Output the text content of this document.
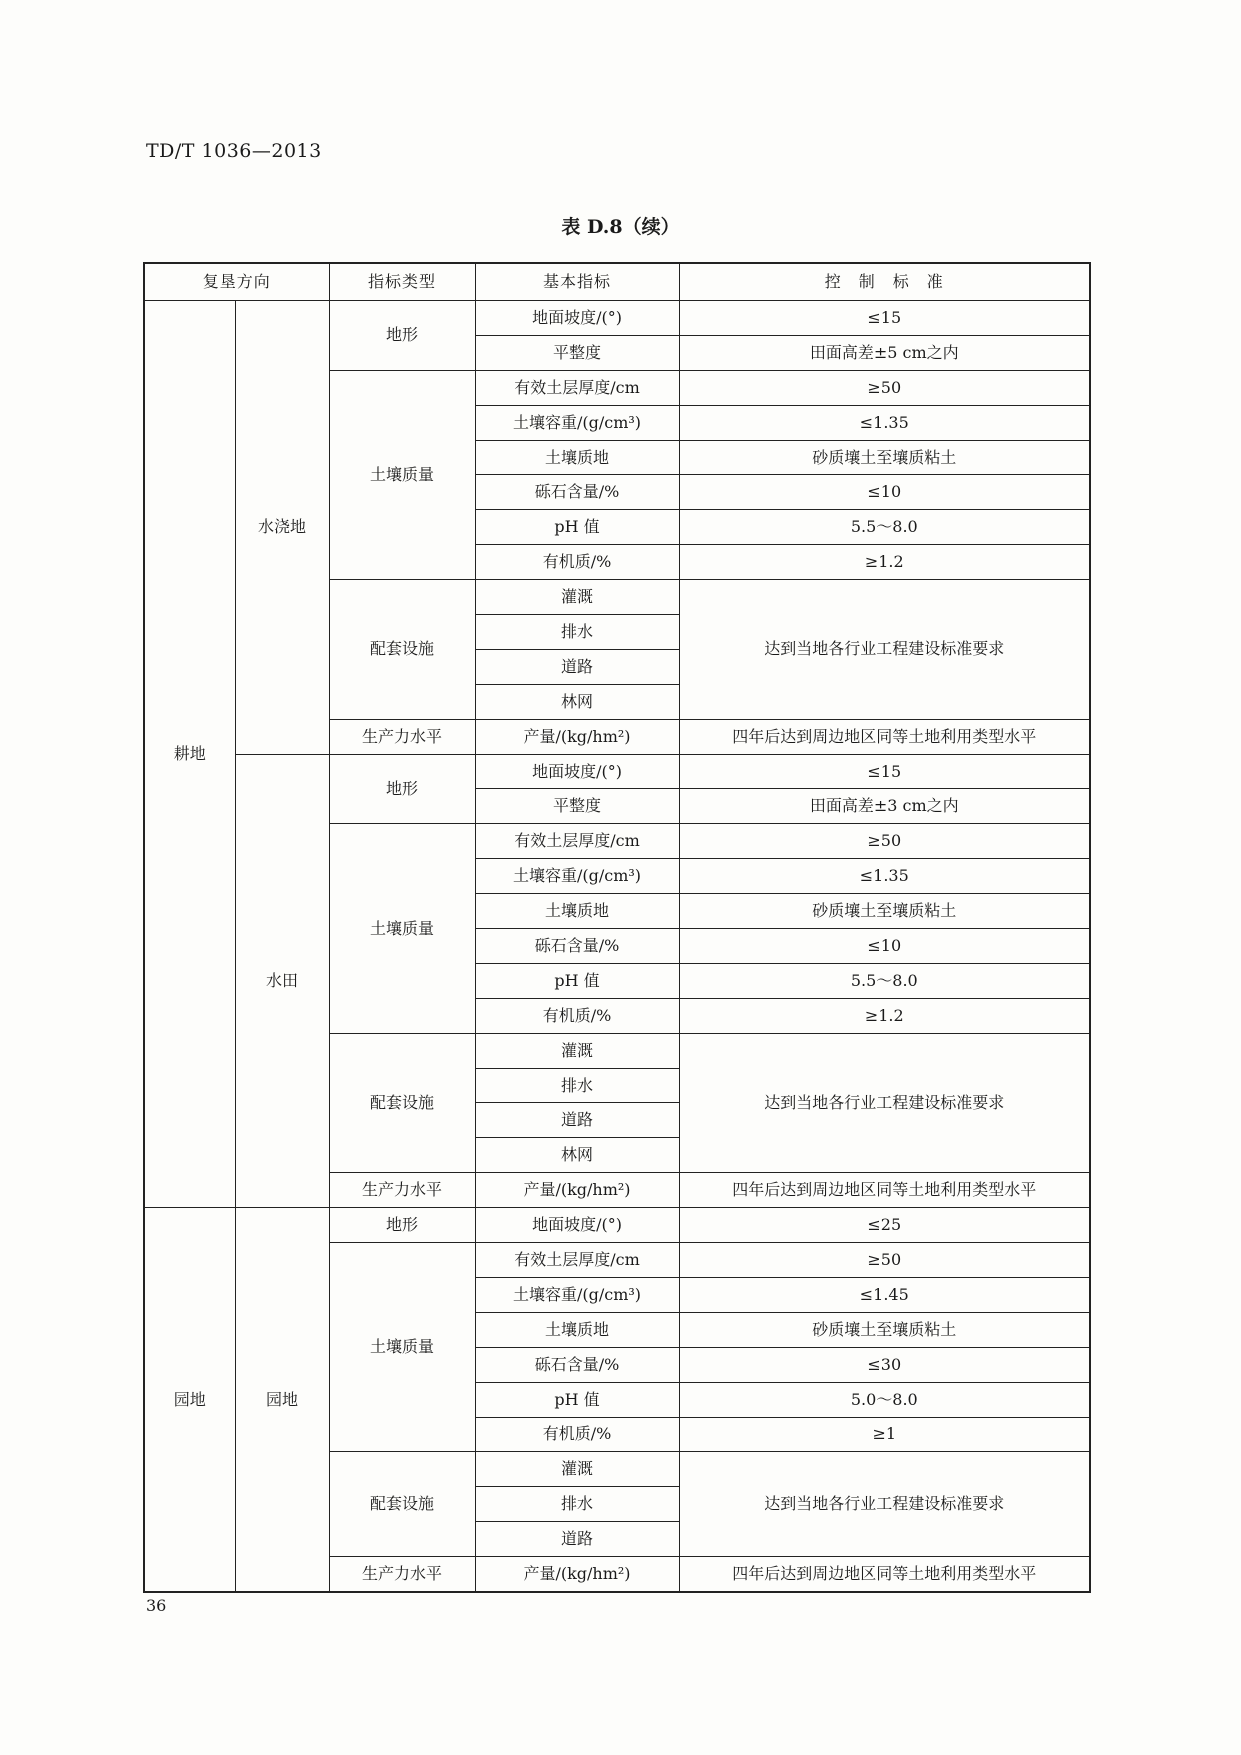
TD/T 1036—2013
表 D.8（续）
复垦方向		指标类型	基本指标	控　制　标　准
耕地	水浇地	地形	地面坡度/(°)	≤15
			平整度	田面高差±5 cm之内
		土壤质量	有效土层厚度/cm	≥50
			土壤容重/(g/cm³)	≤1.35
			土壤质地	砂质壤土至壤质粘土
			砾石含量/%	≤10
			pH 值	5.5～8.0
			有机质/%	≥1.2
		配套设施	灌溉	达到当地各行业工程建设标准要求
			排水	
			道路	
			林网	
		生产力水平	产量/(kg/hm²)	四年后达到周边地区同等土地利用类型水平
	水田	地形	地面坡度/(°)	≤15
			平整度	田面高差±3 cm之内
		土壤质量	有效土层厚度/cm	≥50
			土壤容重/(g/cm³)	≤1.35
			土壤质地	砂质壤土至壤质粘土
			砾石含量/%	≤10
			pH 值	5.5～8.0
			有机质/%	≥1.2
		配套设施	灌溉	达到当地各行业工程建设标准要求
			排水	
			道路	
			林网	
		生产力水平	产量/(kg/hm²)	四年后达到周边地区同等土地利用类型水平
园地	园地	地形	地面坡度/(°)	≤25
		土壤质量	有效土层厚度/cm	≥50
			土壤容重/(g/cm³)	≤1.45
			土壤质地	砂质壤土至壤质粘土
			砾石含量/%	≤30
			pH 值	5.0～8.0
			有机质/%	≥1
		配套设施	灌溉	达到当地各行业工程建设标准要求
			排水	
			道路	
		生产力水平	产量/(kg/hm²)	四年后达到周边地区同等土地利用类型水平
36
